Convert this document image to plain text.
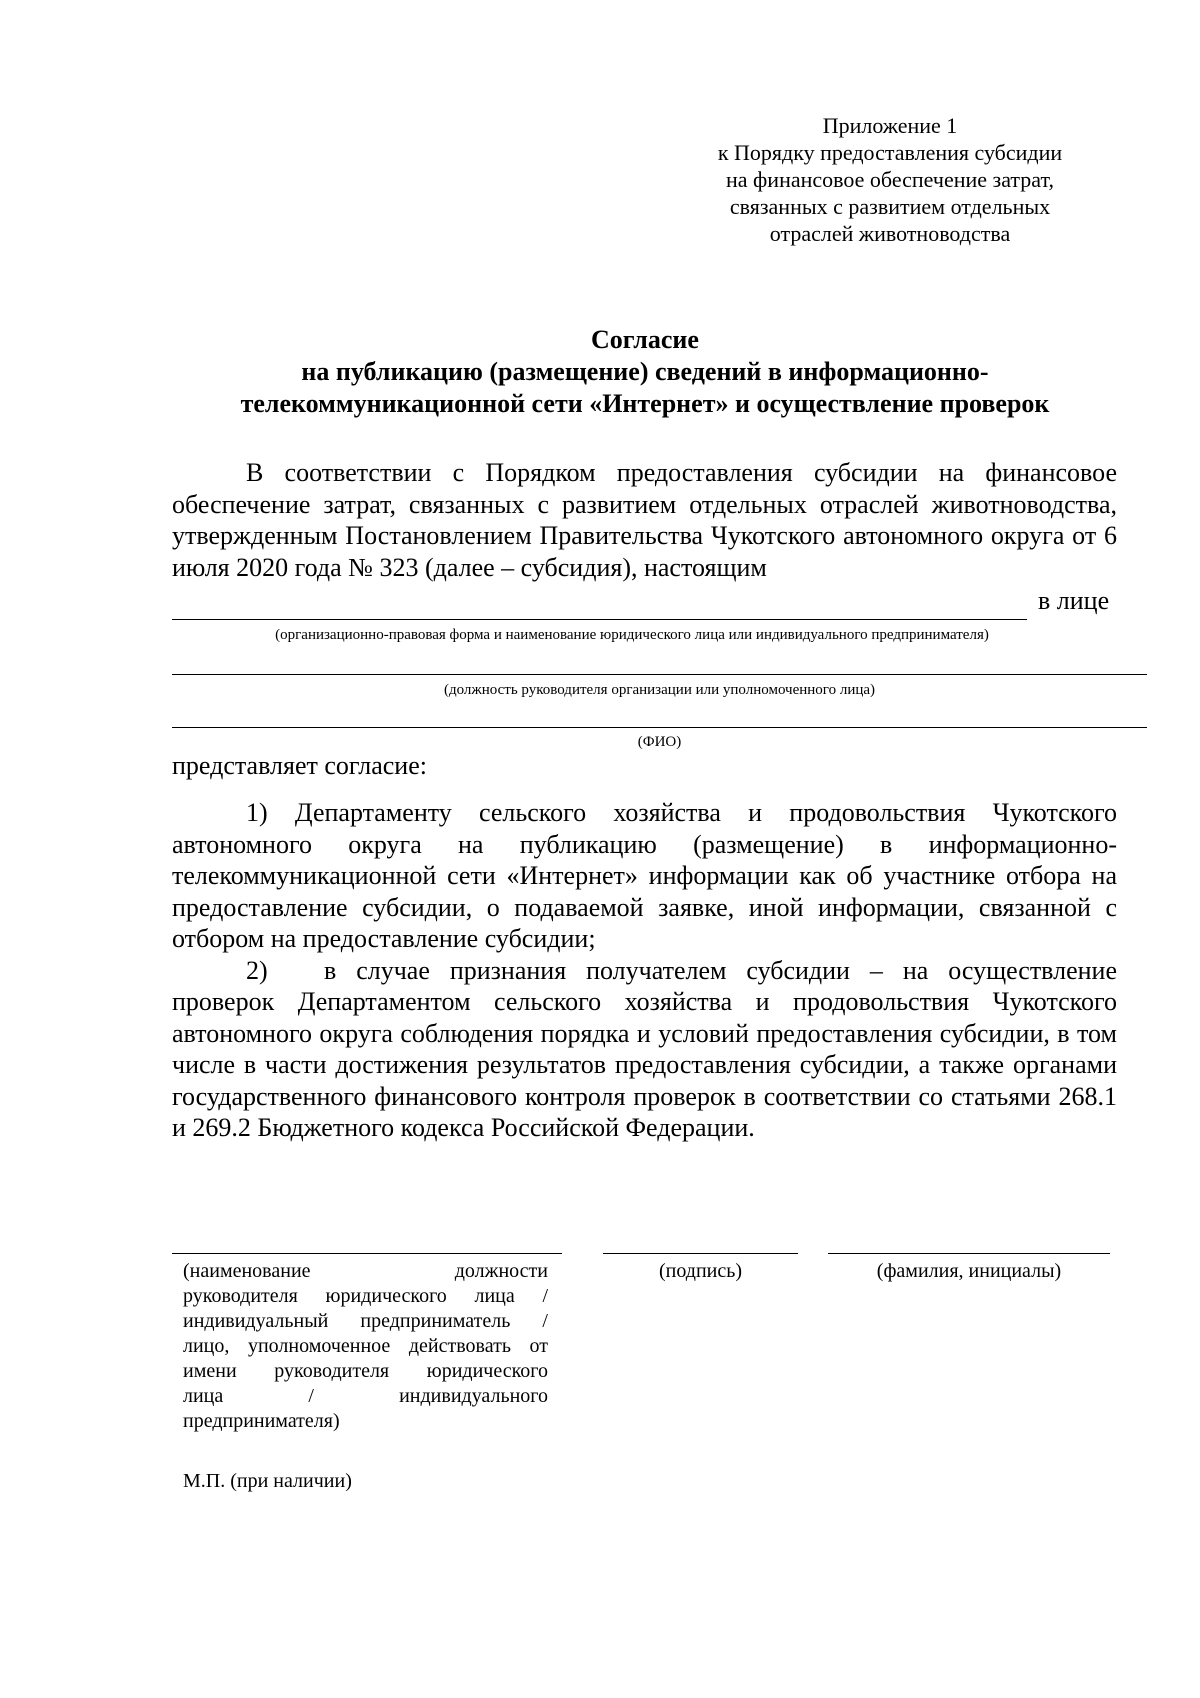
Приложение 1
к Порядку предоставления субсидии
на финансовое обеспечение затрат,
связанных с развитием отдельных
отраслей животноводства
Согласие
на публикацию (размещение) сведений в информационно-
телекоммуникационной сети «Интернет» и осуществление проверок
В соответствии с Порядком предоставления субсидии на финансовое обеспечение затрат, связанных с развитием отдельных отраслей животноводства, утвержденным Постановлением Правительства Чукотского автономного округа от 6 июля 2020 года № 323 (далее – субсидия), настоящим
в лице
(организационно-правовая форма и наименование юридического лица или индивидуального предпринимателя)
(должность руководителя организации или уполномоченного лица)
(ФИО)
представляет согласие:

1) Департаменту сельского хозяйства и продовольствия Чукотского автономного округа на публикацию (размещение) в информационно-телекоммуникационной сети «Интернет» информации как об участнике отбора на предоставление субсидии, о подаваемой заявке, иной информации, связанной с отбором на предоставление субсидии;

2) в случае признания получателем субсидии – на осуществление проверок Департаментом сельского хозяйства и продовольствия Чукотского автономного округа соблюдения порядка и условий предоставления субсидии, в том числе в части достижения результатов предоставления субсидии, а также органами государственного финансового контроля проверок в соответствии со статьями 268.1 и 269.2 Бюджетного кодекса Российской Федерации.

(наименование должности
руководителя юридического лица /
индивидуальный предприниматель /
лицо, уполномоченное действовать от
имени руководителя юридического
лица / индивидуального
предпринимателя)
(подпись)	(фамилия, инициалы)
М.П. (при наличии)
